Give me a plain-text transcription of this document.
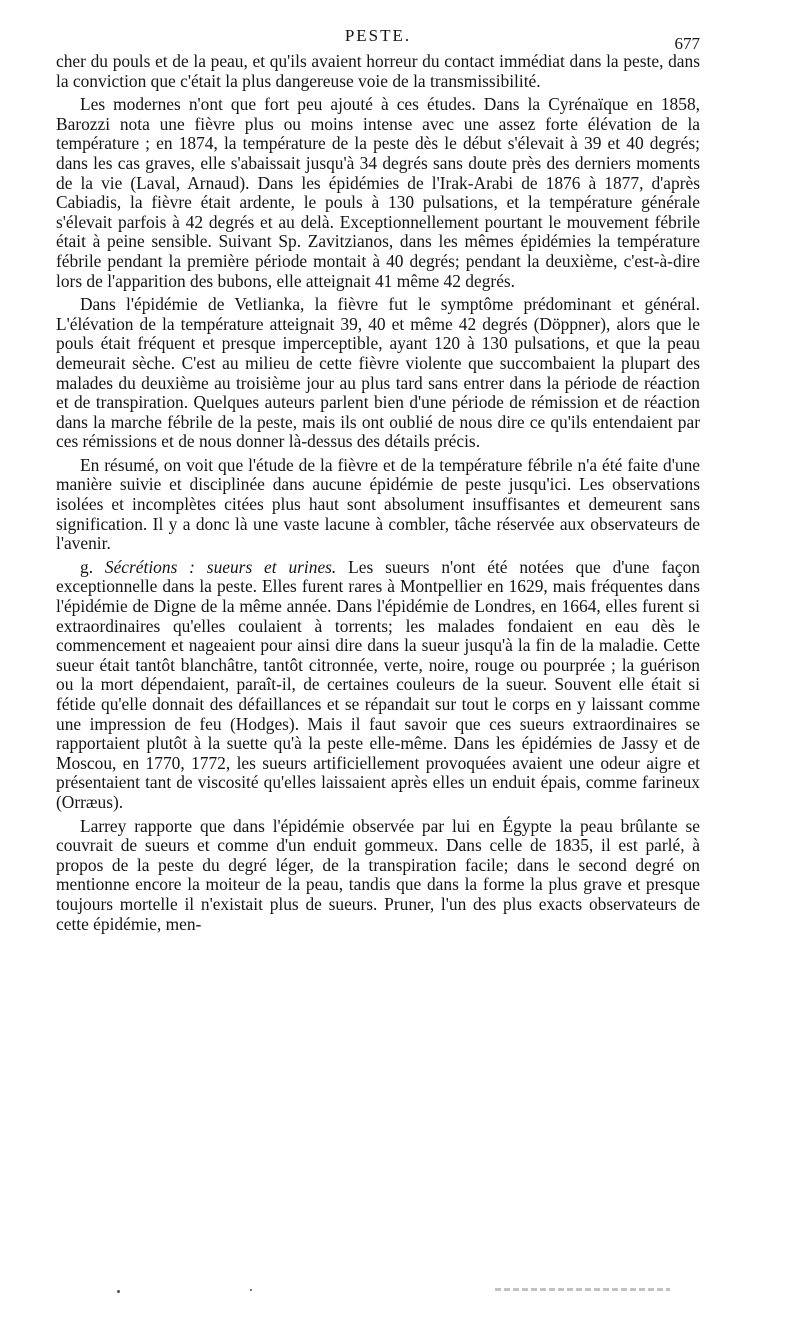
PESTE.	677

cher du pouls et de la peau, et qu'ils avaient horreur du contact immédiat dans la peste, dans la conviction que c'était la plus dangereuse voie de la transmissibilité.

Les modernes n'ont que fort peu ajouté à ces études. Dans la Cyrénaïque en 1858, Barozzi nota une fièvre plus ou moins intense avec une assez forte élévation de la température ; en 1874, la température de la peste dès le début s'élevait à 39 et 40 degrés; dans les cas graves, elle s'abaissait jusqu'à 34 degrés sans doute près des derniers moments de la vie (Laval, Arnaud). Dans les épidémies de l'Irak-Arabi de 1876 à 1877, d'après Cabiadis, la fièvre était ardente, le pouls à 130 pulsations, et la température générale s'élevait parfois à 42 degrés et au delà. Exceptionnellement pourtant le mouvement fébrile était à peine sensible. Suivant Sp. Zavitzianos, dans les mêmes épidémies la température fébrile pendant la première période montait à 40 degrés; pendant la deuxième, c'est-à-dire lors de l'apparition des bubons, elle atteignait 41 même 42 degrés.

Dans l'épidémie de Vetlianka, la fièvre fut le symptôme prédominant et général. L'élévation de la température atteignait 39, 40 et même 42 degrés (Döppner), alors que le pouls était fréquent et presque imperceptible, ayant 120 à 130 pulsations, et que la peau demeurait sèche. C'est au milieu de cette fièvre violente que succombaient la plupart des malades du deuxième au troisième jour au plus tard sans entrer dans la période de réaction et de transpiration. Quelques auteurs parlent bien d'une période de rémission et de réaction dans la marche fébrile de la peste, mais ils ont oublié de nous dire ce qu'ils entendaient par ces rémissions et de nous donner là-dessus des détails précis.

En résumé, on voit que l'étude de la fièvre et de la température fébrile n'a été faite d'une manière suivie et disciplinée dans aucune épidémie de peste jusqu'ici. Les observations isolées et incomplètes citées plus haut sont absolument insuffisantes et demeurent sans signification. Il y a donc là une vaste lacune à combler, tâche réservée aux observateurs de l'avenir.

g. Sécrétions : sueurs et urines. Les sueurs n'ont été notées que d'une façon exceptionnelle dans la peste. Elles furent rares à Montpellier en 1629, mais fréquentes dans l'épidémie de Digne de la même année. Dans l'épidémie de Londres, en 1664, elles furent si extraordinaires qu'elles coulaient à torrents; les malades fondaient en eau dès le commencement et nageaient pour ainsi dire dans la sueur jusqu'à la fin de la maladie. Cette sueur était tantôt blanchâtre, tantôt citronnée, verte, noire, rouge ou pourprée ; la guérison ou la mort dépendaient, paraît-il, de certaines couleurs de la sueur. Souvent elle était si fétide qu'elle donnait des défaillances et se répandait sur tout le corps en y laissant comme une impression de feu (Hodges). Mais il faut savoir que ces sueurs extraordinaires se rapportaient plutôt à la suette qu'à la peste elle-même. Dans les épidémies de Jassy et de Moscou, en 1770, 1772, les sueurs artificiellement provoquées avaient une odeur aigre et présentaient tant de viscosité qu'elles laissaient après elles un enduit épais, comme farineux (Orræus).

Larrey rapporte que dans l'épidémie observée par lui en Égypte la peau brûlante se couvrait de sueurs et comme d'un enduit gommeux. Dans celle de 1835, il est parlé, à propos de la peste du degré léger, de la transpiration facile; dans le second degré on mentionne encore la moiteur de la peau, tandis que dans la forme la plus grave et presque toujours mortelle il n'existait plus de sueurs. Pruner, l'un des plus exacts observateurs de cette épidémie, men-
